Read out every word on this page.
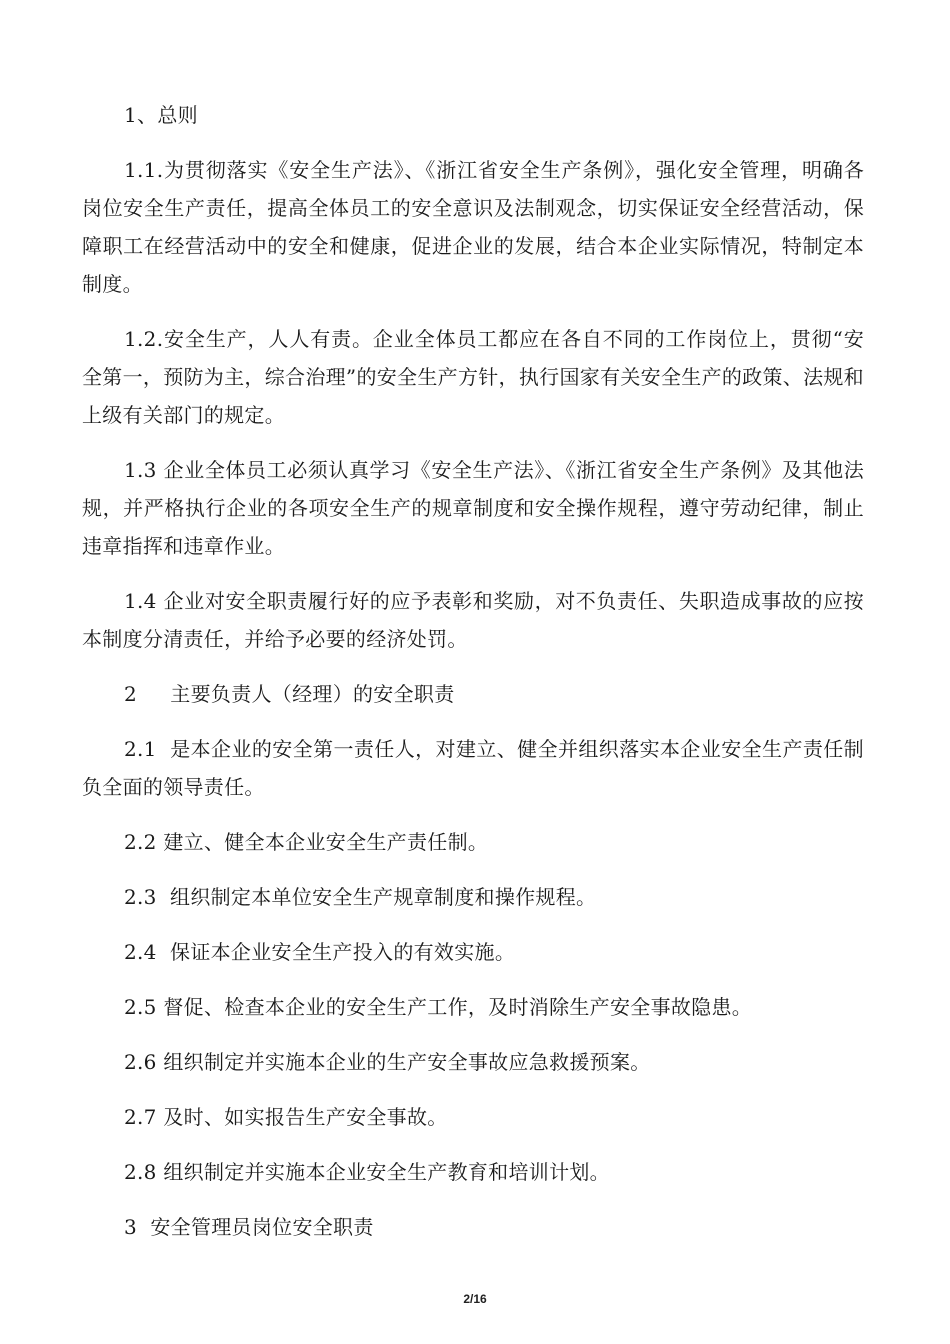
1、总则

1.1.为贯彻落实《安全生产法》、《浙江省安全生产条例》，强化安全管理，明确各岗位安全生产责任，提高全体员工的安全意识及法制观念，切实保证安全经营活动，保障职工在经营活动中的安全和健康，促进企业的发展，结合本企业实际情况，特制定本制度。

1.2.安全生产，人人有责。企业全体员工都应在各自不同的工作岗位上，贯彻“安全第一，预防为主，综合治理”的安全生产方针，执行国家有关安全生产的政策、法规和上级有关部门的规定。

1.3 企业全体员工必须认真学习《安全生产法》、《浙江省安全生产条例》及其他法规，并严格执行企业的各项安全生产的规章制度和安全操作规程，遵守劳动纪律，制止违章指挥和违章作业。

1.4 企业对安全职责履行好的应予表彰和奖励，对不负责任、失职造成事故的应按本制度分清责任，并给予必要的经济处罚。

2     主要负责人（经理）的安全职责

2.1  是本企业的安全第一责任人，对建立、健全并组织落实本企业安全生产责任制负全面的领导责任。

2.2 建立、健全本企业安全生产责任制。

2.3  组织制定本单位安全生产规章制度和操作规程。

2.4  保证本企业安全生产投入的有效实施。

2.5 督促、检查本企业的安全生产工作，及时消除生产安全事故隐患。

2.6 组织制定并实施本企业的生产安全事故应急救援预案。

2.7 及时、如实报告生产安全事故。

2.8 组织制定并实施本企业安全生产教育和培训计划。

3  安全管理员岗位安全职责

2/16
